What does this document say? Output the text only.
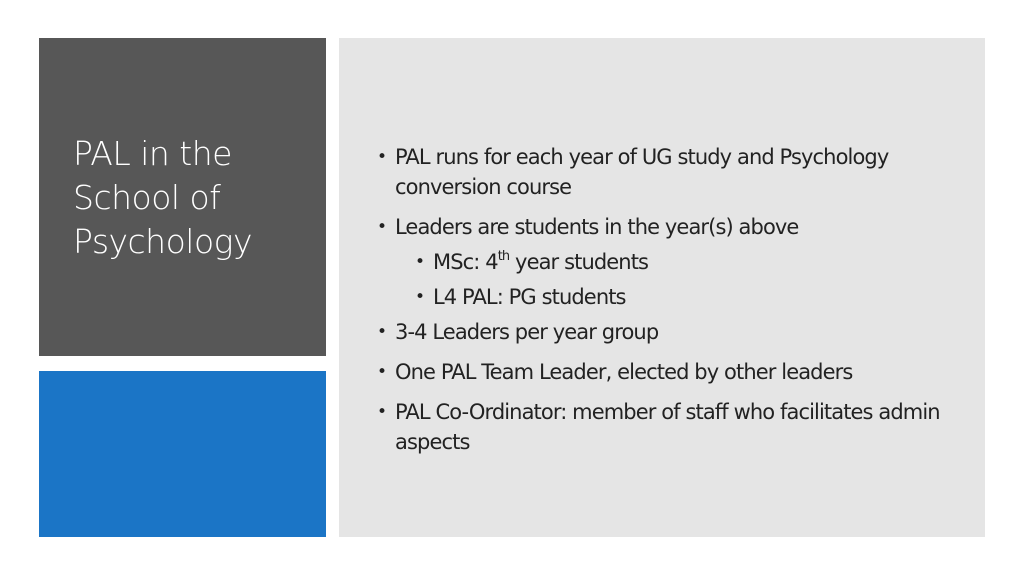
PAL in the
School of
Psychology
• PAL runs for each year of UG study and Psychology conversion course
• Leaders are students in the year(s) above
• MSc: 4th year students
• L4 PAL: PG students
• 3-4 Leaders per year group
• One PAL Team Leader, elected by other leaders
• PAL Co-Ordinator: member of staff who facilitates admin aspects
